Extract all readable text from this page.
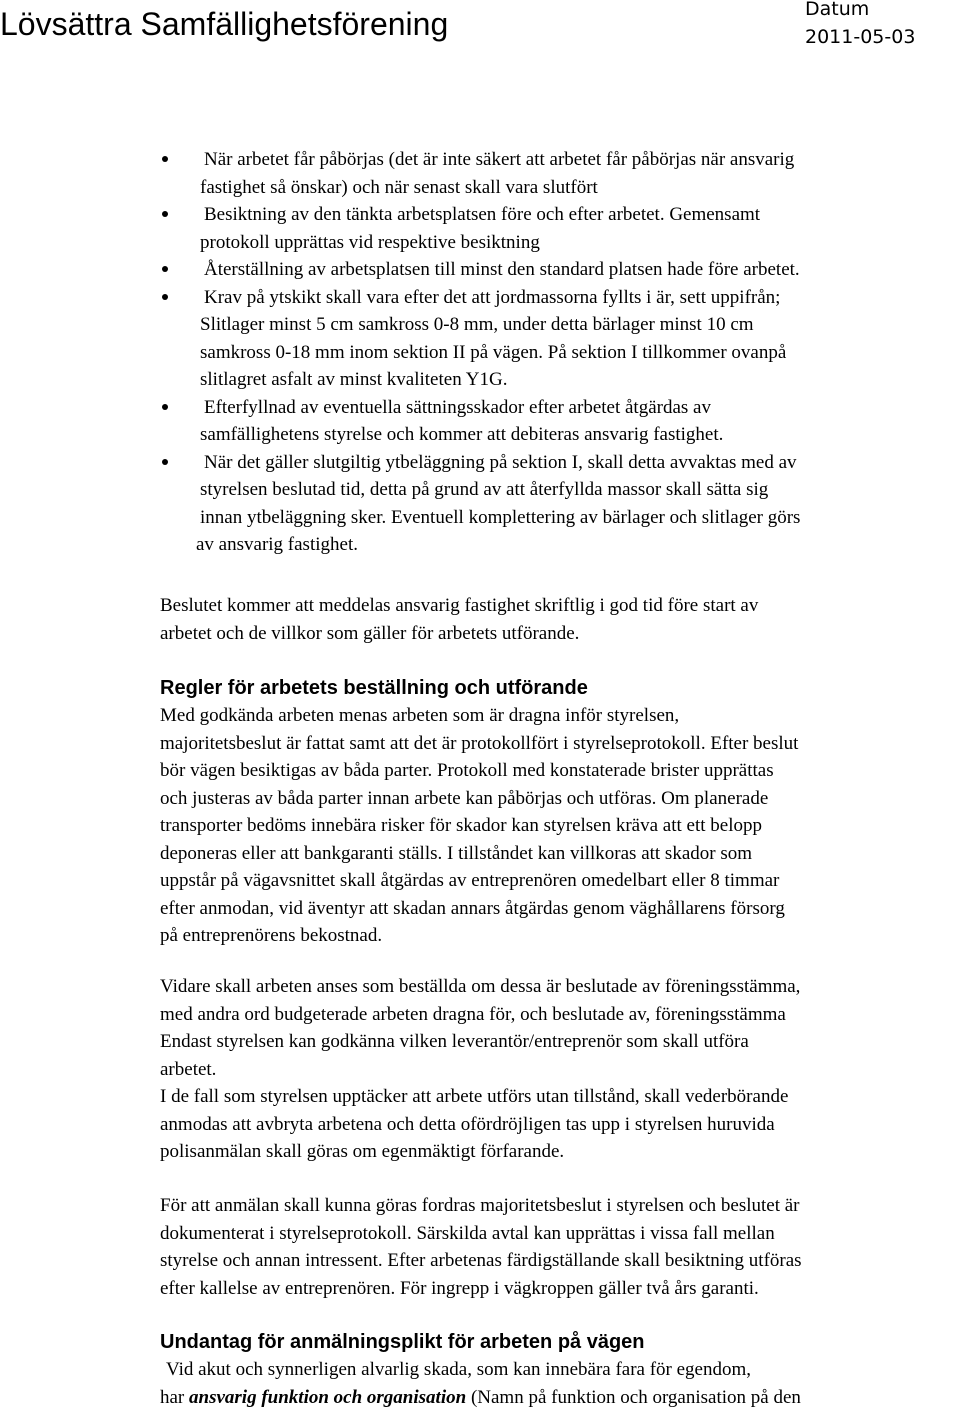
Lövsättra Samfällighetsförening	Datum
2011-05-03
När arbetet får påbörjas (det är inte säkert att arbetet får påbörjas när ansvarig
fastighet så önskar) och när senast skall vara slutfört
Besiktning av den tänkta arbetsplatsen före och efter arbetet. Gemensamt
protokoll upprättas vid respektive besiktning
Återställning av arbetsplatsen till minst den standard platsen hade före arbetet.
Krav på ytskikt skall vara efter det att jordmassorna fyllts i är, sett uppifrån;
Slitlager minst 5 cm samkross 0-8 mm, under detta bärlager minst 10 cm
samkross 0-18 mm inom sektion II på vägen. På sektion I tillkommer ovanpå
slitlagret asfalt av minst kvaliteten Y1G.
Efterfyllnad av eventuella sättningsskador efter arbetet åtgärdas av
samfällighetens styrelse och kommer att debiteras ansvarig fastighet.
När det gäller slutgiltig ytbeläggning på sektion I, skall detta avvaktas med av
styrelsen beslutad tid, detta på grund av att återfyllda massor skall sätta sig
innan ytbeläggning sker. Eventuell komplettering av bärlager och slitlager görs
av ansvarig fastighet.

Beslutet kommer att meddelas ansvarig fastighet skriftlig i god tid före start av
arbetet och de villkor som gäller för arbetets utförande.

Regler för arbetets beställning och utförande

Med godkända arbeten menas arbeten som är dragna inför styrelsen,
majoritetsbeslut är fattat samt att det är protokollfört i styrelseprotokoll. Efter beslut
bör vägen besiktigas av båda parter. Protokoll med konstaterade brister upprättas
och justeras av båda parter innan arbete kan påbörjas och utföras. Om planerade
transporter bedöms innebära risker för skador kan styrelsen kräva att ett belopp
deponeras eller att bankgaranti ställs. I tillståndet kan villkoras att skador som
uppstår på vägavsnittet skall åtgärdas av entreprenören omedelbart eller 8 timmar
efter anmodan, vid äventyr att skadan annars åtgärdas genom väghållarens försorg
på entreprenörens bekostnad.

Vidare skall arbeten anses som beställda om dessa är beslutade av föreningsstämma,
med andra ord budgeterade arbeten dragna för, och beslutade av, föreningsstämma
Endast styrelsen kan godkänna vilken leverantör/entreprenör som skall utföra
arbetet.
I de fall som styrelsen upptäcker att arbete utförs utan tillstånd, skall vederbörande
anmodas att avbryta arbetena och detta ofördröjligen tas upp i styrelsen huruvida
polisanmälan skall göras om egenmäktigt förfarande.

För att anmälan skall kunna göras fordras majoritetsbeslut i styrelsen och beslutet är
dokumenterat i styrelseprotokoll. Särskilda avtal kan upprättas i vissa fall mellan
styrelse och annan intressent. Efter arbetenas färdigställande skall besiktning utföras
efter kallelse av entreprenören. För ingrepp i vägkroppen gäller två års garanti.

Undantag för anmälningsplikt för arbeten på vägen

Vid akut och synnerligen alvarlig skada, som kan innebära fara för egendom,
har ansvarig funktion och organisation (Namn på funktion och organisation på den
